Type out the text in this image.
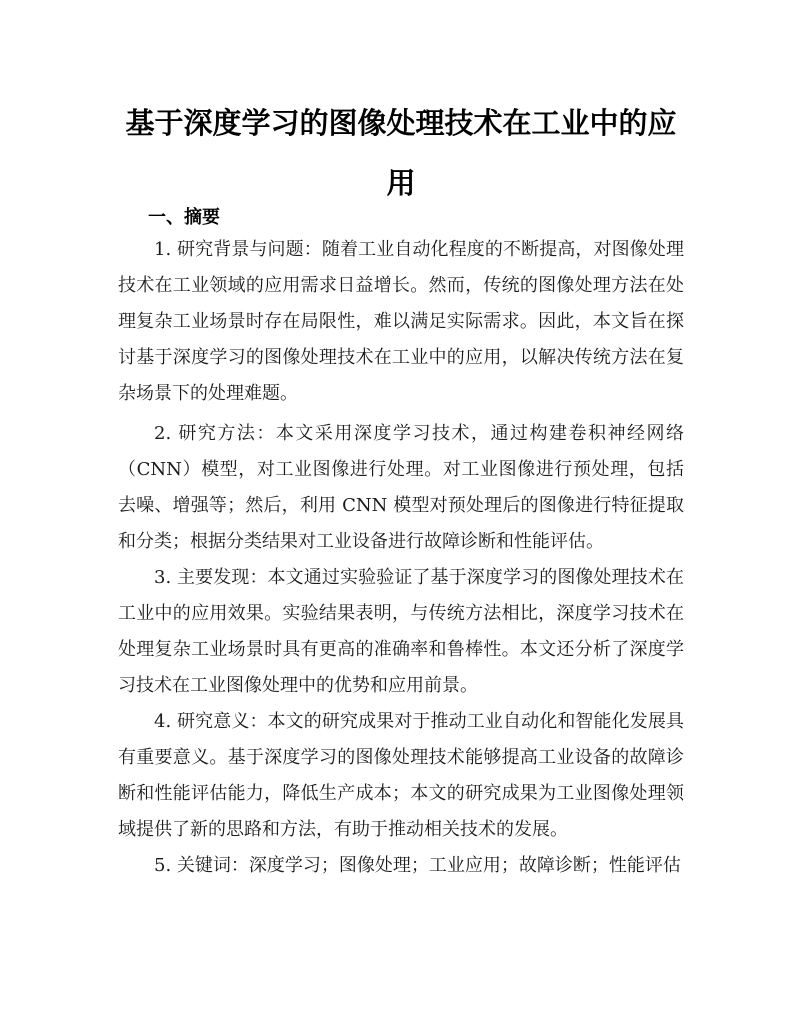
基于深度学习的图像处理技术在工业中的应用
一、摘要

1. 研究背景与问题：随着工业自动化程度的不断提高，对图像处理技术在工业领域的应用需求日益增长。然而，传统的图像处理方法在处理复杂工业场景时存在局限性，难以满足实际需求。因此，本文旨在探讨基于深度学习的图像处理技术在工业中的应用，以解决传统方法在复杂场景下的处理难题。

2. 研究方法：本文采用深度学习技术，通过构建卷积神经网络（CNN）模型，对工业图像进行处理。对工业图像进行预处理，包括去噪、增强等；然后，利用 CNN 模型对预处理后的图像进行特征提取和分类；根据分类结果对工业设备进行故障诊断和性能评估。

3. 主要发现：本文通过实验验证了基于深度学习的图像处理技术在工业中的应用效果。实验结果表明，与传统方法相比，深度学习技术在处理复杂工业场景时具有更高的准确率和鲁棒性。本文还分析了深度学习技术在工业图像处理中的优势和应用前景。

4. 研究意义：本文的研究成果对于推动工业自动化和智能化发展具有重要意义。基于深度学习的图像处理技术能够提高工业设备的故障诊断和性能评估能力，降低生产成本；本文的研究成果为工业图像处理领域提供了新的思路和方法，有助于推动相关技术的发展。

5. 关键词：深度学习；图像处理；工业应用；故障诊断；性能评估
